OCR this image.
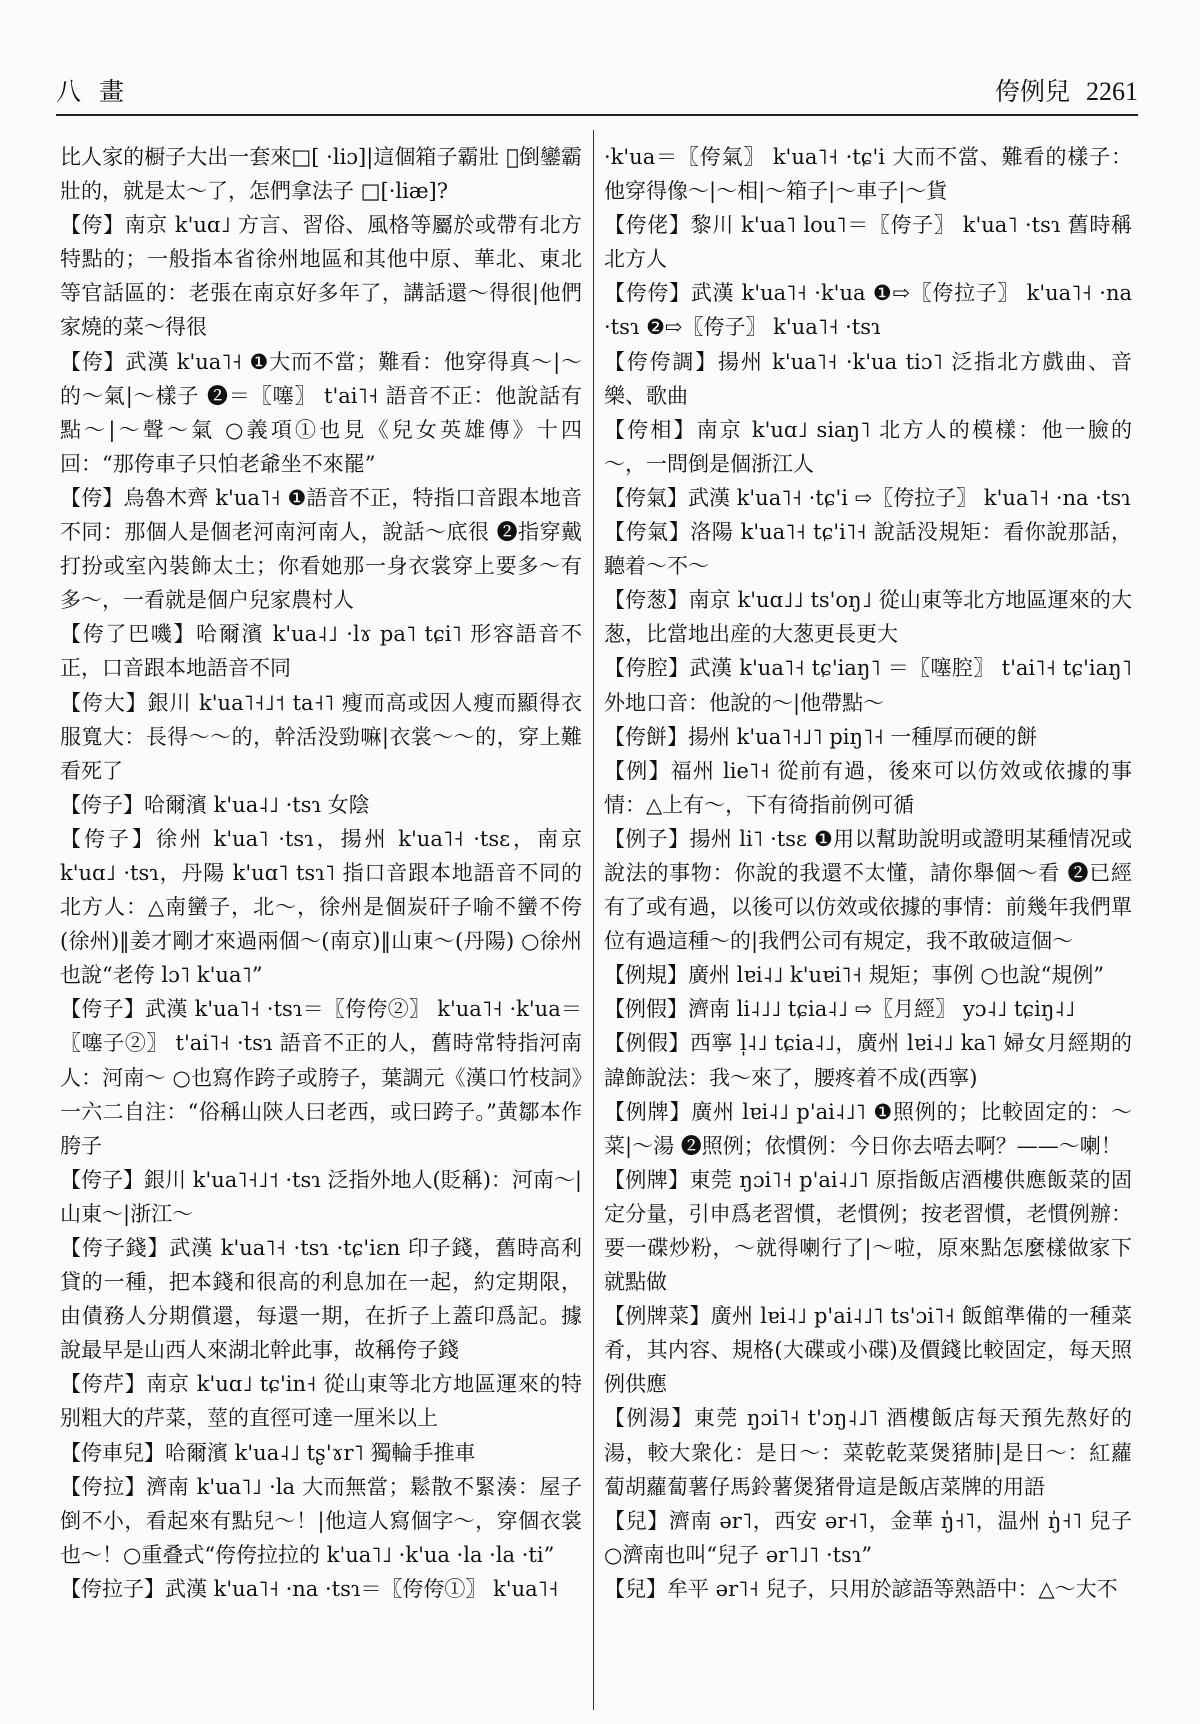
八畫	侉例兒 2261
比人家的橱子大出一套來□[ ·liɔ]|這個箱子霸壯 𪦻倒鑾霸壯的，就是太～了，怎們拿法子 □[·liæ]?
【侉】南京 k'uɑ˩ 方言、習俗、風格等屬於或帶有北方特點的；一般指本省徐州地區和其他中原、華北、東北等官話區的：老張在南京好多年了，講話還～得很|他們家燒的菜～得很
【侉】武漢 k'ua˥˧ ❶大而不當；難看：他穿得真～|～的～氣|～樣子 ❷＝〖噻〗 t'ai˥˧ 語音不正：他說話有點～|～聲～氣 ○義項①也見《兒女英雄傳》十四回：“那侉車子只怕老爺坐不來罷”
【侉】烏魯木齊 k'ua˥˧ ❶語音不正，特指口音跟本地音不同：那個人是個老河南河南人，說話～底很 ❷指穿戴打扮或室內裝飾太土；你看她那一身衣裳穿上要多～有多～，一看就是個户兒家農村人
【侉了巴嘰】哈爾濱 k'ua˨˩ ·lɤ pa˥ tɕi˥ 形容語音不正，口音跟本地語音不同
【侉大】銀川 k'ua˥˧˩˦ ta˧˥ 瘦而高或因人瘦而顯得衣服寬大：長得～～的，幹活没勁嘛|衣裳～～的，穿上難看死了
【侉子】哈爾濱 k'ua˨˩ ·tsɿ 女陰
【侉子】徐州 k'ua˥ ·tsɿ，揚州 k'ua˥˧ ·tsɛ，南京 k'uɑ˩ ·tsɿ，丹陽 k'uɑ˥ tsɿ˥ 指口音跟本地語音不同的北方人：△南蠻子，北～，徐州是個炭矸子喻不蠻不侉(徐州)‖姜才剛才來過兩個～(南京)‖山東～(丹陽) ○徐州也說“老侉 lɔ˥ k'ua˥”
【侉子】武漢 k'ua˥˧ ·tsɿ＝〖侉侉②〗 k'ua˥˧ ·k'ua＝〖噻子②〗 t'ai˥˧ ·tsɿ 語音不正的人，舊時常特指河南人：河南～ ○也寫作跨子或胯子，葉調元《漢口竹枝詞》一六二自注：“俗稱山陝人曰老西，或曰跨子。”黄鄒本作胯子
【侉子】銀川 k'ua˥˧˩˦ ·tsɿ 泛指外地人(貶稱)：河南～|山東～|浙江～
【侉子錢】武漢 k'ua˥˧ ·tsɿ ·tɕ'iɛn 印子錢，舊時高利貸的一種，把本錢和很高的利息加在一起，約定期限，由債務人分期償還，每還一期，在折子上蓋印爲記。據說最早是山西人來湖北幹此事，故稱侉子錢
【侉芹】南京 k'uɑ˩ tɕ'in˧ 從山東等北方地區運來的特别粗大的芹菜，莖的直徑可達一厘米以上
【侉車兒】哈爾濱 k'ua˨˩ tʂ'ɤr˥ 獨輪手推車
【侉拉】濟南 k'ua˥˩ ·la 大而無當；鬆散不緊湊：屋子倒不小，看起來有點兒～！|他這人寫個字～，穿個衣裳也～！○重叠式“侉侉拉拉的 k'ua˥˩ ·k'ua ·la ·la ·ti”
【侉拉子】武漢 k'ua˥˧ ·na ·tsɿ＝〖侉侉①〗 k'ua˥˧
·k'ua＝〖侉氣〗 k'ua˥˧ ·tɕ'i 大而不當、難看的樣子：他穿得像～|～相|～箱子|～車子|～貨
【侉佬】黎川 k'ua˥ lou˥＝〖侉子〗 k'ua˥ ·tsɿ 舊時稱北方人
【侉侉】武漢 k'ua˥˧ ·k'ua ❶⇨〖侉拉子〗 k'ua˥˧ ·na ·tsɿ ❷⇨〖侉子〗 k'ua˥˧ ·tsɿ
【侉侉調】揚州 k'ua˥˧ ·k'ua tiɔ˥ 泛指北方戲曲、音樂、歌曲
【侉相】南京 k'uɑ˩ siaŋ˥ 北方人的模樣：他一臉的～，一問倒是個浙江人
【侉氣】武漢 k'ua˥˧ ·tɕ'i ⇨〖侉拉子〗 k'ua˥˧ ·na ·tsɿ
【侉氣】洛陽 k'ua˥˧ tɕ'i˥˧ 說話没規矩：看你說那話，聽着～不～
【侉葱】南京 k'uɑ˩˩ ts'oŋ˩ 從山東等北方地區運來的大葱，比當地出産的大葱更長更大
【侉腔】武漢 k'ua˥˧ tɕ'iaŋ˥ ＝〖噻腔〗 t'ai˥˧ tɕ'iaŋ˥ 外地口音：他說的～|他帶點～
【侉餅】揚州 k'ua˥˧˩˥ piŋ˥˧ 一種厚而硬的餅
【例】福州 lie˥˧ 從前有過，後來可以仿效或依據的事情：△上有～，下有徛指前例可循
【例子】揚州 li˥ ·tsɛ ❶用以幫助說明或證明某種情况或說法的事物：你說的我還不太懂，請你舉個～看 ❷已經有了或有過，以後可以仿效或依據的事情：前幾年我們單位有過這種～的|我們公司有規定，我不敢破這個～
【例規】廣州 lɐi˨˩ k'uɐi˥˧ 規矩；事例 ○也說“規例”
【例假】濟南 li˨˩˩ tɕia˨˩ ⇨〖月經〗 yɔ˨˩ tɕiŋ˨˩
【例假】西寧 l̩˨˩ tɕia˨˩，廣州 lɐi˨˩ ka˥ 婦女月經期的諱飾說法：我～來了，腰疼着不成(西寧)
【例牌】廣州 lɐi˨˩ p'ai˨˩˥ ❶照例的；比較固定的：～菜|～湯 ❷照例；依慣例：今日你去唔去啊？——～喇！
【例牌】東莞 ŋɔi˥˧ p'ai˨˩˥ 原指飯店酒樓供應飯菜的固定分量，引申爲老習慣，老慣例；按老習慣，老慣例辦：要一碟炒粉，～就得喇行了|～啦，原來點怎麼樣做家下就點做
【例牌菜】廣州 lɐi˨˩ p'ai˨˩˥ ts'ɔi˥˧ 飯館準備的一種菜肴，其内容、規格(大碟或小碟)及價錢比較固定，每天照例供應
【例湯】東莞 ŋɔi˥˧ t'ɔŋ˨˩˥ 酒樓飯店每天預先熬好的湯，較大衆化：是日～：菜乾乾菜煲猪肺|是日～：紅蘿蔔胡蘿蔔薯仔馬鈴薯煲猪骨這是飯店菜牌的用語
【兒】濟南 ər˥，西安 ər˧˥，金華 ŋ̍˧˥，温州 ŋ̍˧˥ 兒子 ○濟南也叫“兒子 ər˥˩˥ ·tsɿ”
【兒】牟平 ər˥˧ 兒子，只用於諺語等熟語中：△～大不
